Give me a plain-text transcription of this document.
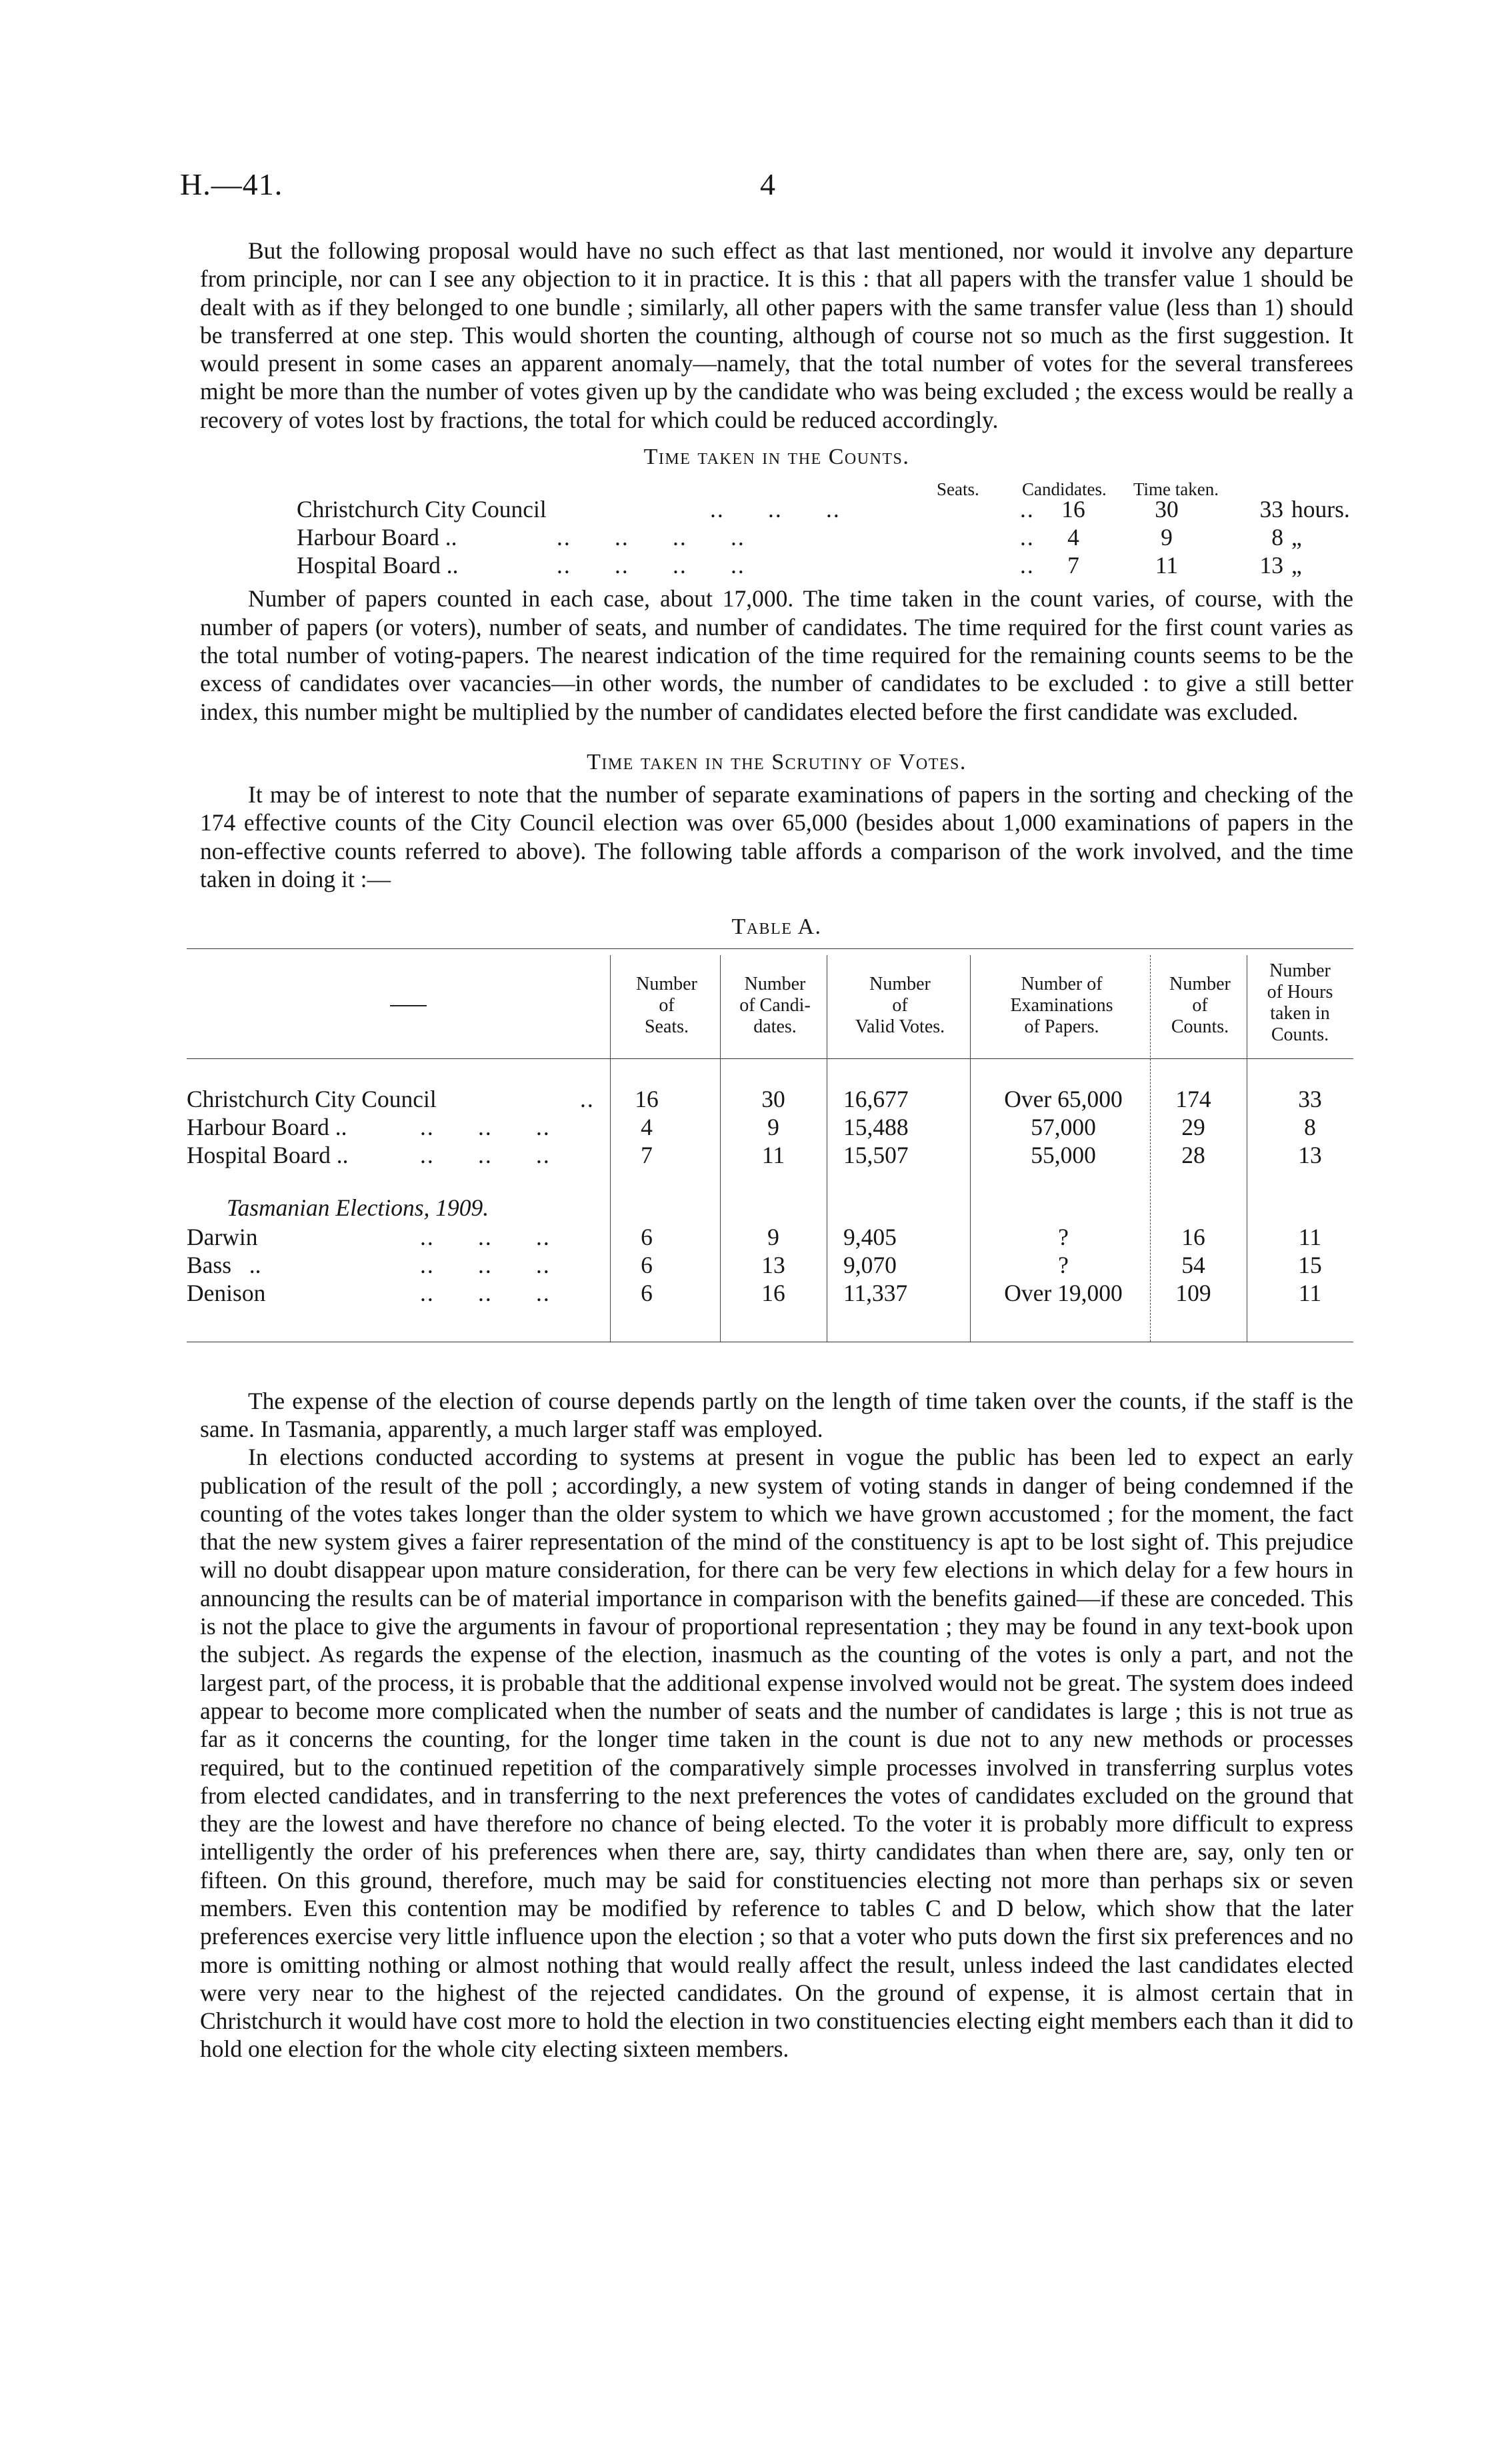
H.—41.	4

But the following proposal would have no such effect as that last mentioned, nor would it involve any departure from principle, nor can I see any objection to it in practice. It is this : that all papers with the transfer value 1 should be dealt with as if they belonged to one bundle ; similarly, all other papers with the same transfer value (less than 1) should be transferred at one step. This would shorten the counting, although of course not so much as the first suggestion. It would present in some cases an apparent anomaly—namely, that the total number of votes for the several transferees might be more than the number of votes given up by the candidate who was being excluded ; the excess would be really a recovery of votes lost by fractions, the total for which could be reduced accordingly.

Time taken in the Counts.
Seats. Candidates. Time taken.
Christchurch City Council	..      ..      ..	..	16	30	33 hours.
Harbour Board ..	..      ..      ..      ..	..	4	9	8 „
Hospital Board ..	..      ..      ..      ..	..	7	11	13 „

Number of papers counted in each case, about 17,000. The time taken in the count varies, of course, with the number of papers (or voters), number of seats, and number of candidates. The time required for the first count varies as the total number of voting-papers. The nearest indication of the time required for the remaining counts seems to be the excess of candidates over vacancies—in other words, the number of candidates to be excluded : to give a still better index, this number might be multiplied by the number of candidates elected before the first candidate was excluded.

Time taken in the Scrutiny of Votes.

It may be of interest to note that the number of separate examinations of papers in the sorting and checking of the 174 effective counts of the City Council election was over 65,000 (besides about 1,000 examinations of papers in the non-effective counts referred to above). The following table affords a comparison of the work involved, and the time taken in doing it :—

Table A.
Number
of
Seats.
Number
of Candi-
dates.
Number
of
Valid Votes.
Number of
Examinations
of Papers.
Number
of
Counts.
Number
of Hours
taken in
Counts.
Christchurch City Council	..	16	30	16,677	Over 65,000	174	33
Harbour Board ..	..      ..      ..	4	9	15,488	57,000	29	8
Hospital Board ..	..      ..      ..	7	11	15,507	55,000	28	13
Tasmanian Elections, 1909.
Darwin	..      ..      ..	6	9	9,405	?	16	11
Bass   ..	..      ..      ..	6	13	9,070	?	54	15
Denison	..      ..      ..	6	16	11,337	Over 19,000	109	11

The expense of the election of course depends partly on the length of time taken over the counts, if the staff is the same. In Tasmania, apparently, a much larger staff was employed.

In elections conducted according to systems at present in vogue the public has been led to expect an early publication of the result of the poll ; accordingly, a new system of voting stands in danger of being condemned if the counting of the votes takes longer than the older system to which we have grown accustomed ; for the moment, the fact that the new system gives a fairer representation of the mind of the constituency is apt to be lost sight of. This prejudice will no doubt disappear upon mature consideration, for there can be very few elections in which delay for a few hours in announcing the results can be of material importance in comparison with the benefits gained—if these are conceded. This is not the place to give the arguments in favour of proportional representation ; they may be found in any text-book upon the subject. As regards the expense of the election, inasmuch as the counting of the votes is only a part, and not the largest part, of the process, it is probable that the additional expense involved would not be great. The system does indeed appear to become more complicated when the number of seats and the number of candidates is large ; this is not true as far as it concerns the counting, for the longer time taken in the count is due not to any new methods or processes required, but to the continued repetition of the comparatively simple processes involved in transferring surplus votes from elected candidates, and in transferring to the next preferences the votes of candidates excluded on the ground that they are the lowest and have therefore no chance of being elected. To the voter it is probably more difficult to express intelligently the order of his preferences when there are, say, thirty candidates than when there are, say, only ten or fifteen. On this ground, therefore, much may be said for constituencies electing not more than perhaps six or seven members. Even this contention may be modified by reference to tables C and D below, which show that the later preferences exercise very little influence upon the election ; so that a voter who puts down the first six preferences and no more is omitting nothing or almost nothing that would really affect the result, unless indeed the last candidates elected were very near to the highest of the rejected candidates. On the ground of expense, it is almost certain that in Christchurch it would have cost more to hold the election in two constituencies electing eight members each than it did to hold one election for the whole city electing sixteen members.
